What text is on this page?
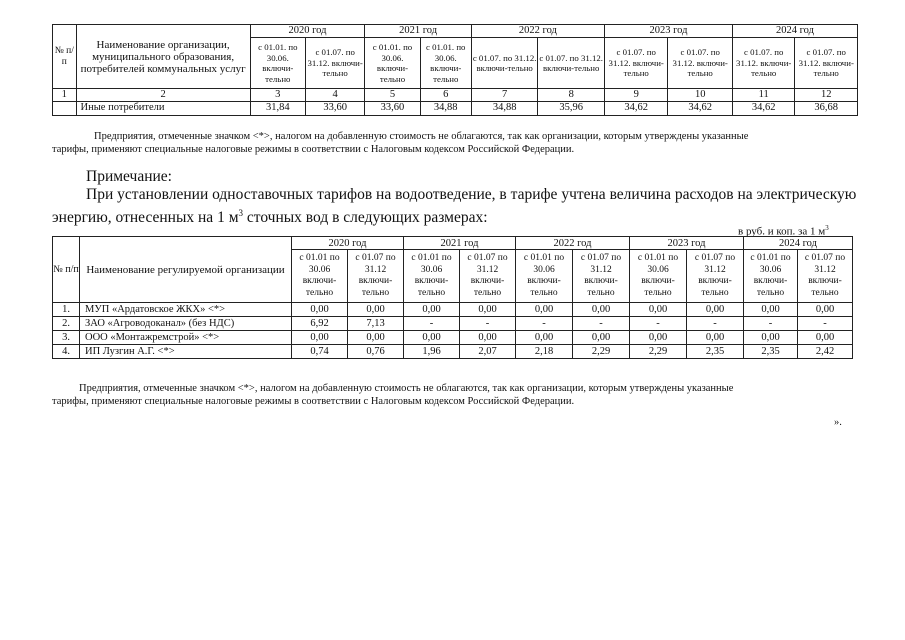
№ п/п	Наименование организации, муниципального образования, потребителей коммунальных услуг	2020 год		2021 год		2022 год		2023 год		2024 год	
		с 01.01. по 30.06. включи-тельно	с 01.07. по 31.12. включи-тельно	с 01.01. по 30.06. включи-тельно	с 01.01. по 30.06. включи-тельно	с 01.07. по 31.12. включи-тельно	с 01.07. по 31.12. включи-тельно	с 01.07. по 31.12. включи-тельно	с 01.07. по 31.12. включи-тельно	с 01.07. по 31.12. включи-тельно	с 01.07. по 31.12. включи-тельно
1	2	3	4	5	6	7	8	9	10	11	12
	Иные потребители	31,84	33,60	33,60	34,88	34,88	35,96	34,62	34,62	34,62	36,68
Предприятия, отмеченные значком <*>, налогом на добавленную стоимость не облагаются, так как организации, которым утверждены указанные
тарифы, применяют специальные налоговые режимы в соответствии с Налоговым кодексом Российской Федерации.
Примечание:
При установлении одноставочных тарифов на водоотведение, в тарифе учтена величина расходов на электрическую
энергию, отнесенных на 1 $м^3$ сточных вод в следующих размерах:
в руб. и коп. за 1 $м^3$
№ п/п	Наименование регулируемой организации	2020 год		2021 год		2022 год		2023 год		2024 год	
		с 01.01 по 30.06 включи-тельно	с 01.07 по 31.12 включи-тельно	с 01.01 по 30.06 включи-тельно	с 01.07 по 31.12 включи-тельно	с 01.01 по 30.06 включи-тельно	с 01.07 по 31.12 включи-тельно	с 01.01 по 30.06 включи-тельно	с 01.07 по 31.12 включи-тельно	с 01.01 по 30.06 включи-тельно	с 01.07 по 31.12 включи-тельно
1.	МУП «Ардатовское ЖКХ» <*>	0,00	0,00	0,00	0,00	0,00	0,00	0,00	0,00	0,00	0,00
2.	ЗАО «Агроводоканал» (без НДС)	6,92	7,13	-	-	-	-	-	-	-	-
3.	ООО «Монтажремстрой» <*>	0,00	0,00	0,00	0,00	0,00	0,00	0,00	0,00	0,00	0,00
4.	ИП Лузгин А.Г. <*>	0,74	0,76	1,96	2,07	2,18	2,29	2,29	2,35	2,35	2,42
Предприятия, отмеченные значком <*>, налогом на добавленную стоимость не облагаются, так как организации, которым утверждены указанные
тарифы, применяют специальные налоговые режимы в соответствии с Налоговым кодексом Российской Федерации.
».
